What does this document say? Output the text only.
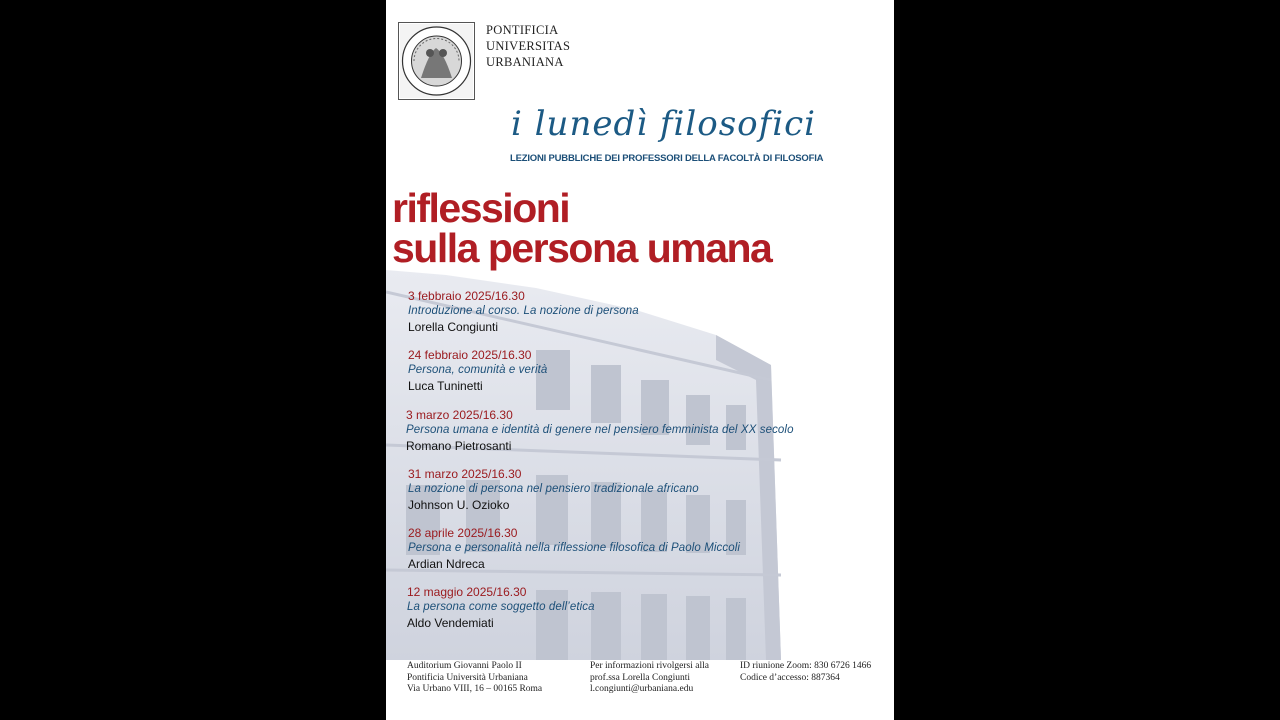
PONTIFICIA
UNIVERSITAS
URBANIANA
i lunedì filosofici
LEZIONI PUBBLICHE DEI PROFESSORI DELLA FACOLTÀ DI FILOSOFIA
riflessioni
sulla persona umana
3 febbraio 2025/16.30
Introduzione al corso. La nozione di persona
Lorella Congiunti
24 febbraio 2025/16.30
Persona, comunità e verità
Luca Tuninetti
3 marzo 2025/16.30
Persona umana e identità di genere nel pensiero femminista del XX secolo
Romano Pietrosanti
31 marzo 2025/16.30
La nozione di persona nel pensiero tradizionale africano
Johnson U. Ozioko
28 aprile 2025/16.30
Persona e personalità nella riflessione filosofica di Paolo Miccoli
Ardian Ndreca
12 maggio 2025/16.30
La persona come soggetto dell’etica
Aldo Vendemiati
Auditorium Giovanni Paolo II
Pontificia Università Urbaniana
Via Urbano VIII, 16 – 00165 Roma
Per informazioni rivolgersi alla
prof.ssa Lorella Congiunti
l.congiunti@urbaniana.edu
ID riunione Zoom: 830 6726 1466
Codice d’accesso: 887364
